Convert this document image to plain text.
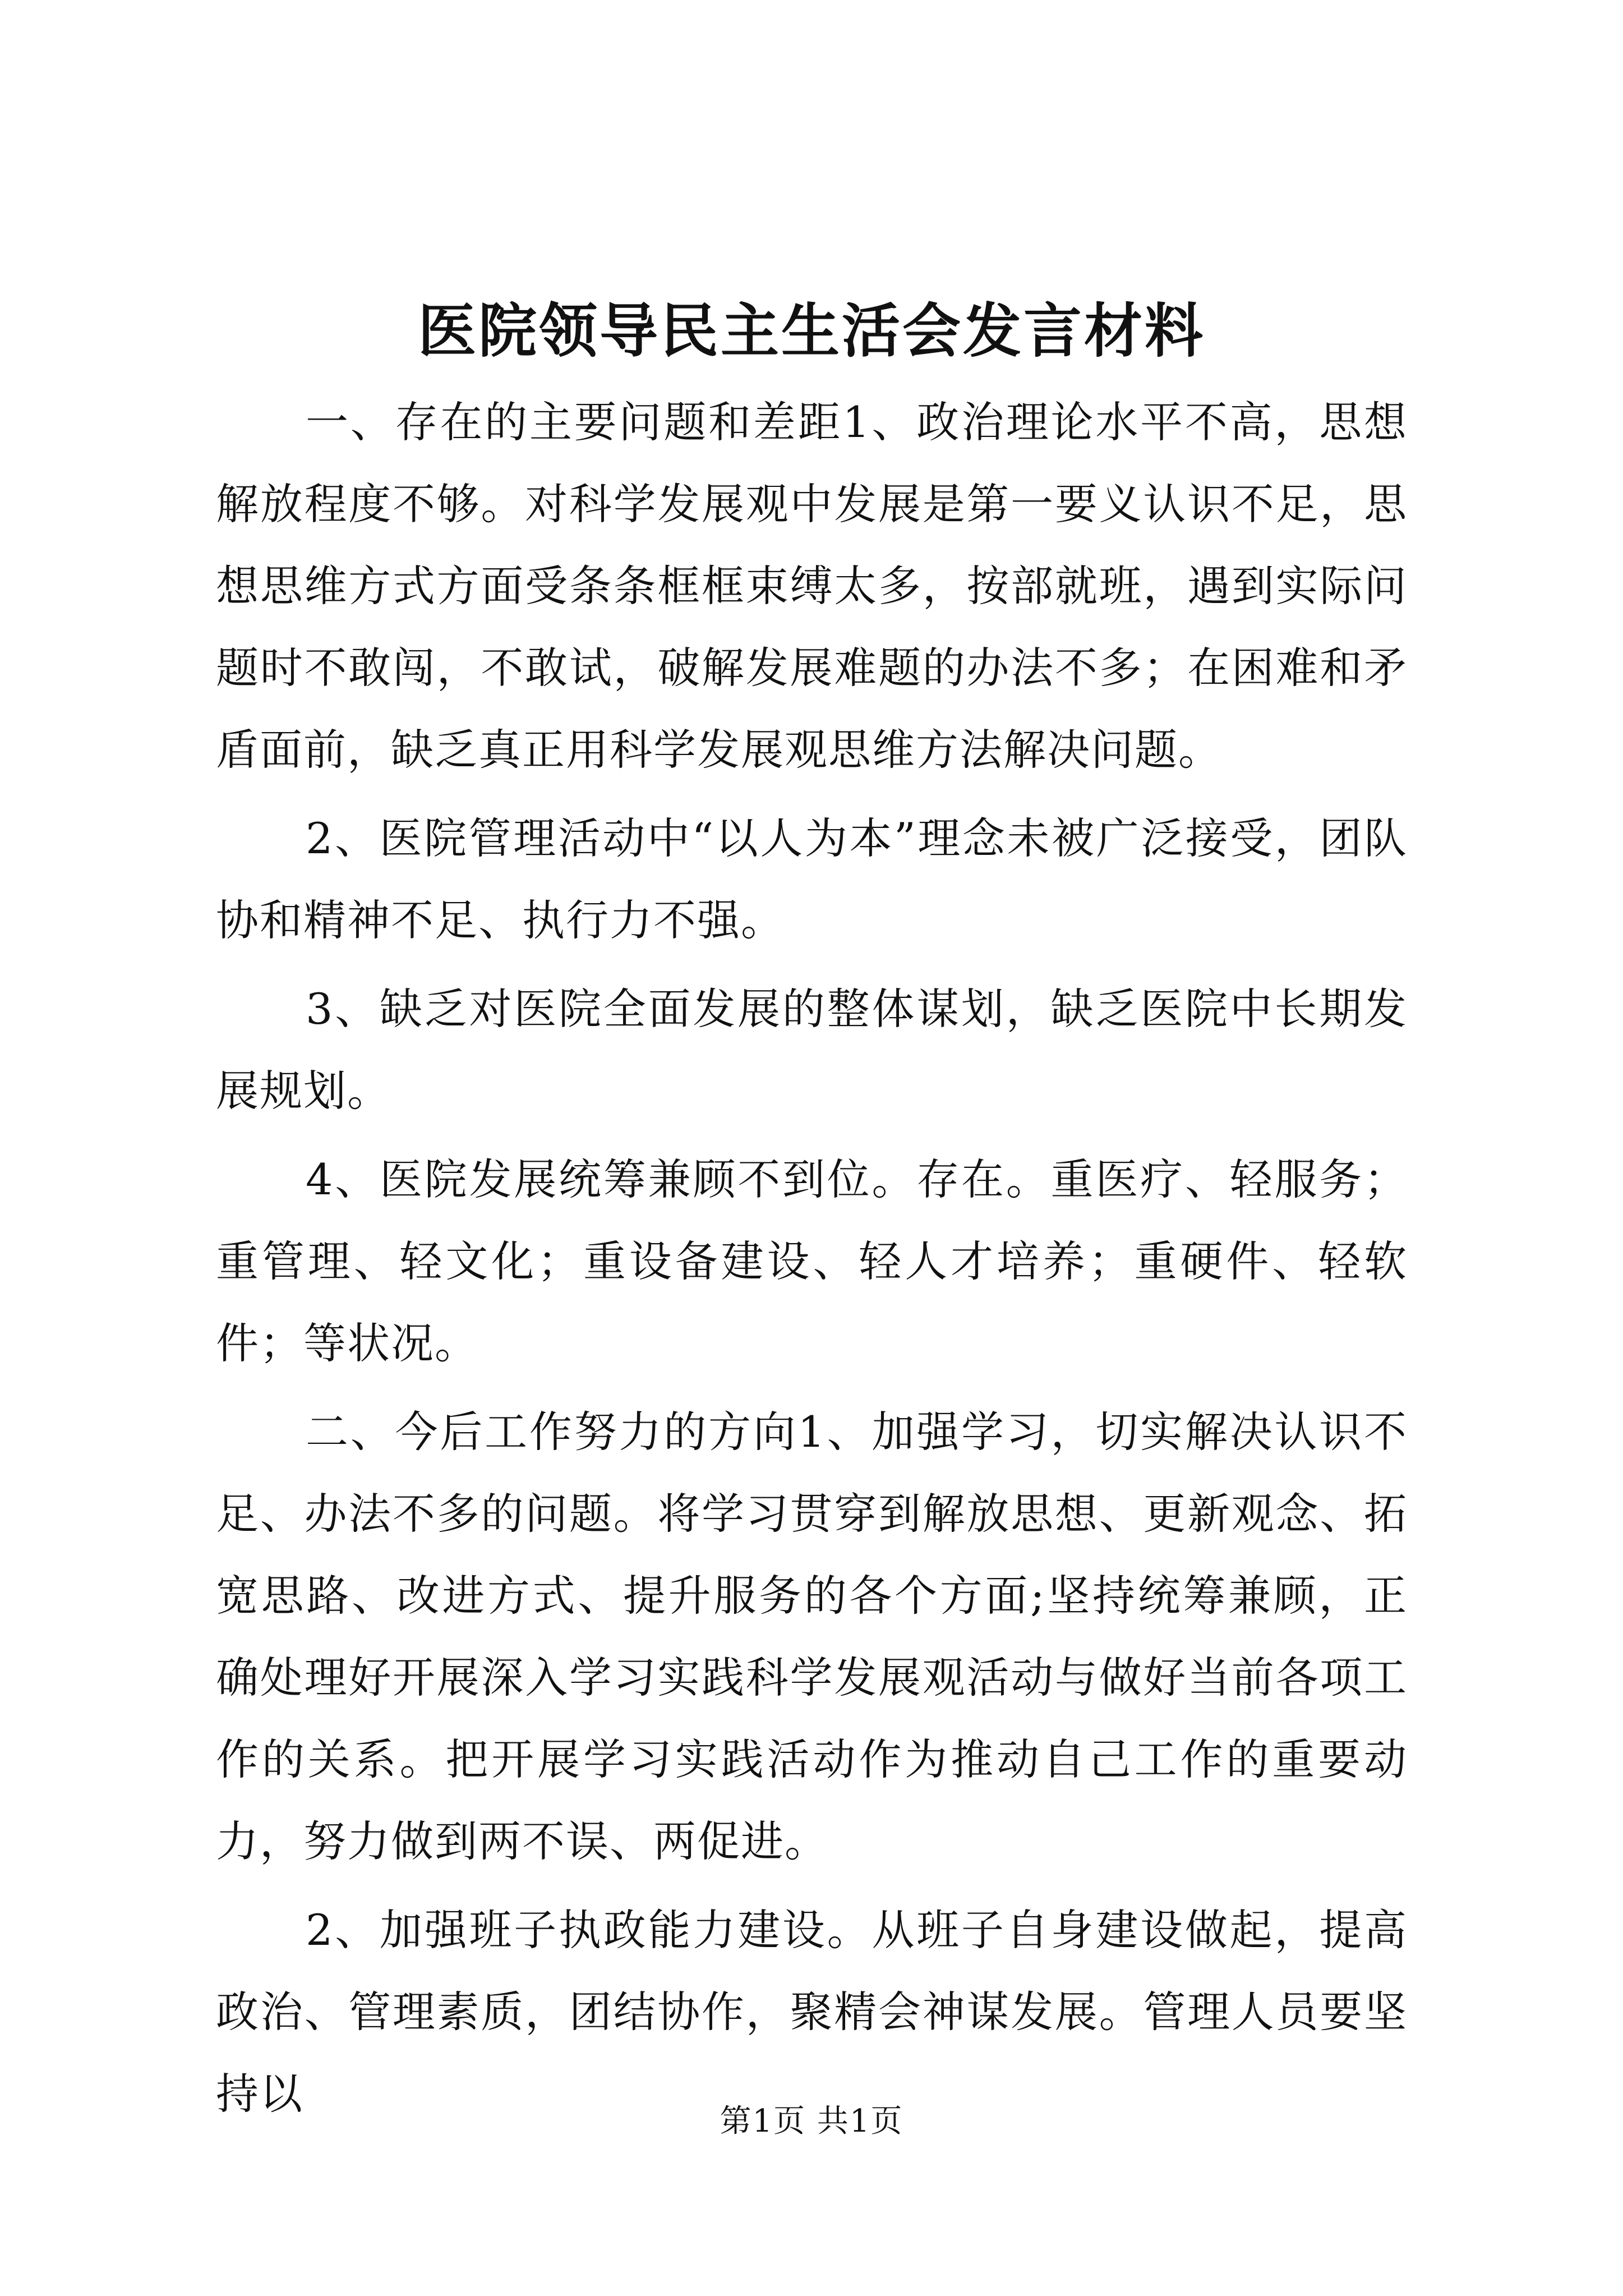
医院领导民主生活会发言材料

一、存在的主要问题和差距1、政治理论水平不高，思想解放程度不够。对科学发展观中发展是第一要义认识不足，思想思维方式方面受条条框框束缚太多，按部就班，遇到实际问题时不敢闯，不敢试，破解发展难题的办法不多；在困难和矛盾面前，缺乏真正用科学发展观思维方法解决问题。

2、医院管理活动中“以人为本”理念未被广泛接受，团队协和精神不足、执行力不强。

3、缺乏对医院全面发展的整体谋划，缺乏医院中长期发展规划。

4、医院发展统筹兼顾不到位。存在。重医疗、轻服务；重管理、轻文化；重设备建设、轻人才培养；重硬件、轻软件；等状况。

二、今后工作努力的方向1、加强学习，切实解决认识不足、办法不多的问题。将学习贯穿到解放思想、更新观念、拓宽思路、改进方式、提升服务的各个方面;坚持统筹兼顾，正确处理好开展深入学习实践科学发展观活动与做好当前各项工作的关系。把开展学习实践活动作为推动自己工作的重要动力，努力做到两不误、两促进。

2、加强班子执政能力建设。从班子自身建设做起，提高政治、管理素质，团结协作，聚精会神谋发展。管理人员要坚持以

第1页 共1页
